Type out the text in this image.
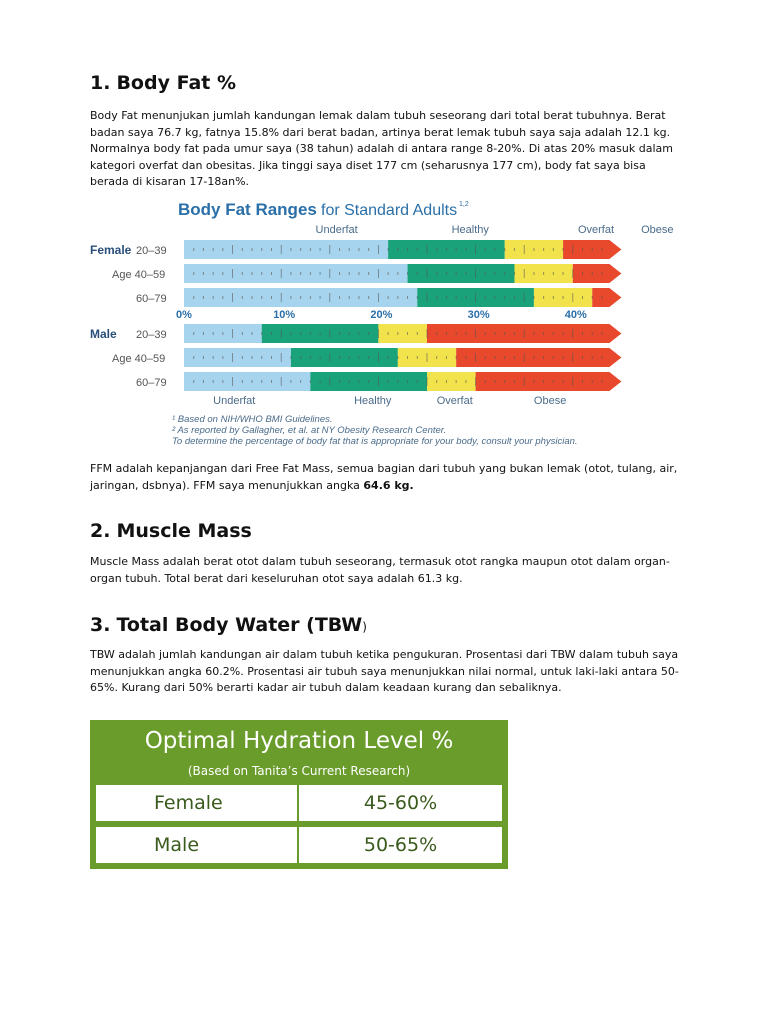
1. Body Fat %

Body Fat menunjukan jumlah kandungan lemak dalam tubuh seseorang dari total berat tubuhnya. Berat badan saya 76.7 kg, fatnya 15.8% dari berat badan, artinya berat lemak tubuh saya saja adalah 12.1 kg. Normalnya body fat pada umur saya (38 tahun) adalah di antara range 8-20%. Di atas 20% masuk dalam kategori overfat dan obesitas. Jika tinggi saya diset 177 cm (seharusnya 177 cm), body fat saya bisa berada di kisaran 17-18an%.

Body Fat Ranges for Standard Adults 1,2
Underfat	Healthy	Overfat Obese
Female 20–39
Age 40–59
60–79
Male 20–39
Age 40–59
60–79
0%	10%	20%	30%	40%
Underfat	Healthy	Overfat	Obese
¹ Based on NIH/WHO BMI Guidelines.
² As reported by Gallagher, et al. at NY Obesity Research Center.
To determine the percentage of body fat that is appropriate for your body, consult your physician.

FFM adalah kepanjangan dari Free Fat Mass, semua bagian dari tubuh yang bukan lemak (otot, tulang, air, jaringan, dsbnya). FFM saya menunjukkan angka 64.6 kg.

2. Muscle Mass

Muscle Mass adalah berat otot dalam tubuh seseorang, termasuk otot rangka maupun otot dalam organ-organ tubuh. Total berat dari keseluruhan otot saya adalah 61.3 kg.

3. Total Body Water (TBW)

TBW adalah jumlah kandungan air dalam tubuh ketika pengukuran. Prosentasi dari TBW dalam tubuh saya menunjukkan angka 60.2%. Prosentasi air tubuh saya menunjukkan nilai normal, untuk laki-laki antara 50-65%. Kurang dari 50% berarti kadar air tubuh dalam keadaan kurang dan sebaliknya.

Optimal Hydration Level %
(Based on Tanita’s Current Research)
Female	45-60%
Male	50-65%
